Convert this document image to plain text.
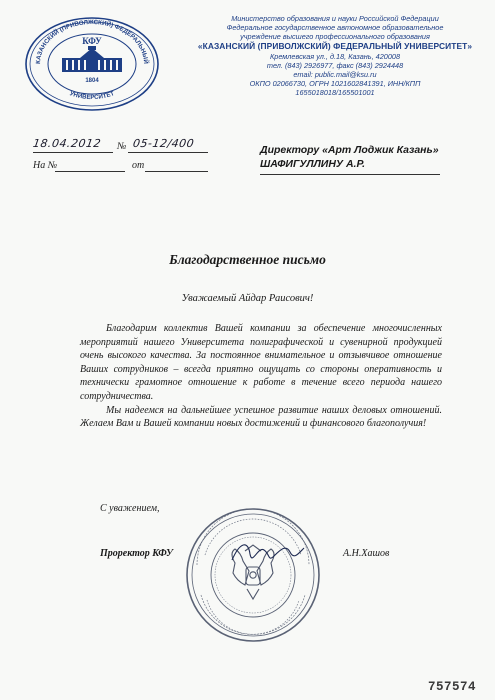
КАЗАНСКИЙ (ПРИВОЛЖСКИЙ) ФЕДЕРАЛЬНЫЙ
УНИВЕРСИТЕТ
КФУ
1804
Министерство образования и науки Российской Федерации
Федеральное государственное автономное образовательное
учреждение высшего профессионального образования
«КАЗАНСКИЙ (ПРИВОЛЖСКИЙ) ФЕДЕРАЛЬНЫЙ УНИВЕРСИТЕТ»
Кремлевская ул., д.18, Казань, 420008
тел. (843) 2926977, факс (843) 2924448
email: public.mail@ksu.ru
ОКПО 02066730, ОГРН 1021602841391, ИНН/КПП
1655018018/165501001
18.04.2012 № 05-12/400
На №	от
Директору «Арт Лоджик Казань»
ШАФИГУЛЛИНУ А.Р.
Благодарственное письмо
Уважаемый Айдар Раисович!

Благодарим коллектив Вашей компании за обеспечение многочисленных мероприятий нашего Университета полиграфической и сувенирной продукцией очень высокого качества. За постоянное внимательное и отзывчивое отношение Ваших сотрудников – всегда приятно ощущать со стороны оперативность и технически грамотное отношение к работе в течение всего периода нашего сотрудничества.

Мы надеемся на дальнейшее успешное развитие наших деловых отношений. Желаем Вам и Вашей компании новых достижений и финансового благополучия!

С уважением,
Проректор КФУ	А.Н.Хашов
757574
